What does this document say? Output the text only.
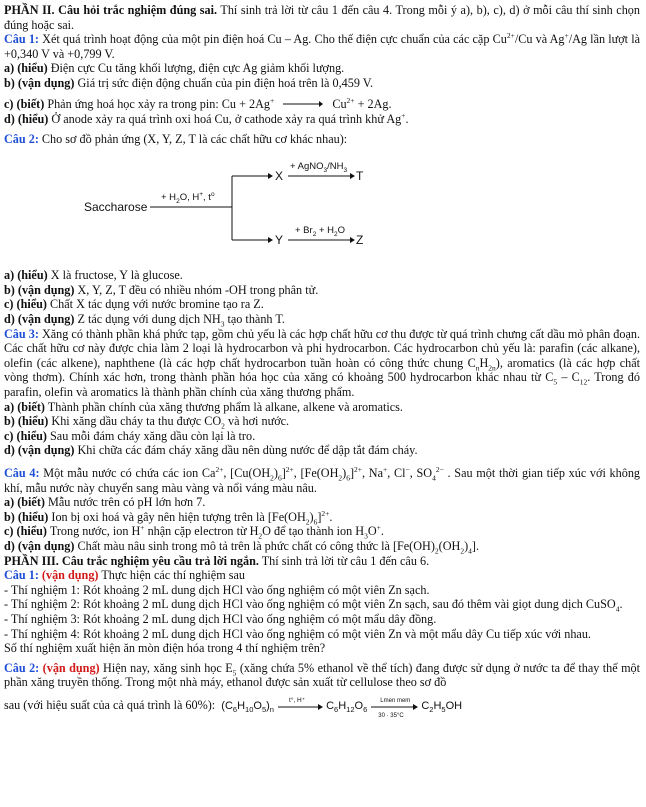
PHẦN II. Câu hỏi trắc nghiệm đúng sai. Thí sinh trả lời từ câu 1 đến câu 4. Trong mỗi ý a), b), c), d) ở mỗi câu thí sinh chọn đúng hoặc sai.

Câu 1: Xét quá trình hoạt động của một pin điện hoá Cu – Ag. Cho thế điện cực chuẩn của các cặp $Cu^{2+}/Cu$ và Ag+/Ag lần lượt là +0,340 V và +0,799 V.

a) (hiểu) Điện cực Cu tăng khối lượng, điện cực Ag giảm khối lượng.

b) (vận dụng) Giá trị sức điện động chuẩn của pin điện hoá trên là 0,459 V.

c) (biết) Phản ứng hoá học xảy ra trong pin: $Cu + 2Ag^+ \to Cu^{2+} + 2Ag$.

d) (hiểu) Ở anode xảy ra quá trình oxi hoá Cu, ở cathode xảy ra quá trình khử Ag+.

Câu 2: Cho sơ đồ phản ứng (X, Y, Z, T là các chất hữu cơ khác nhau):

Saccharose
+ $H_2O$, H+, $t^o$
X
+ $AgNO_3/NH_3$ T
Y
+ $Br_2 + H_2O$
Z

a) (hiểu) X là fructose, Y là glucose.

b) (vận dụng) X, Y, Z, T đều có nhiều nhóm -OH trong phân tử.

c) (hiểu) Chất X tác dụng với nước bromine tạo ra Z.

d) (vận dụng) Z tác dụng với dung dịch $NH_3$ tạo thành T.

Câu 3: Xăng có thành phần khá phức tạp, gồm chủ yếu là các hợp chất hữu cơ thu được từ quá trình chưng cất dầu mỏ phân đoạn. Các chất hữu cơ này được chia làm 2 loại là hydrocarbon và phi hydrocarbon. Các hydrocarbon chủ yếu là: parafin (các alkane), olefin (các alkene), naphthene (là các hợp chất hydrocarbon tuần hoàn có công thức chung $C_nH_{2n}$), aromatics (là các hợp chất vòng thơm). Chính xác hơn, trong thành phần hóa học của xăng có khoảng 500 hydrocarbon khác nhau từ $C_5 - C_{12}$. Trong đó parafin, olefin và aromatics là thành phần chính của xăng thương phẩm.

a) (biết) Thành phần chính của xăng thương phẩm là alkane, alkene và aromatics.

b) (hiểu) Khi xăng dầu cháy ta thu được $CO_2$ và hơi nước.

c) (hiểu) Sau mỗi đám cháy xăng dầu còn lại là tro.

d) (vận dụng) Khi chữa các đám cháy xăng dầu nên dùng nước để dập tắt đám cháy.

Câu 4: Một mẫu nước có chứa các ion $Ca^{2+}$, $[Cu(OH_2)_6]^{2+}$, $[Fe(OH_2)_6]^{2+}$, Na+, Cl−, $SO_4^{2-}$ . Sau một thời gian tiếp xúc với không khí, mẫu nước này chuyển sang màu vàng và nổi váng màu nâu.

a) (biết) Mẫu nước trên có pH lớn hơn 7.

b) (hiểu) Ion bị oxi hoá và gây nên hiện tượng trên là $[Fe(OH_2)_6]^{2+}$.

c) (hiểu) Trong nước, ion H+ nhận cặp electron từ $H_2O$ để tạo thành ion $H_3O^+$.

d) (vận dụng) Chất màu nâu sinh trong mô tả trên là phức chất có công thức là $[Fe(OH)_2(OH_2)_4]$.

PHẦN III. Câu trắc nghiệm yêu cầu trả lời ngắn. Thí sinh trả lời từ câu 1 đến câu 6.

Câu 1: (vận dụng) Thực hiện các thí nghiệm sau

- Thí nghiệm 1: Rót khoảng 2 mL dung dịch HCl vào ống nghiệm có một viên Zn sạch.

- Thí nghiệm 2: Rót khoảng 2 mL dung dịch HCl vào ống nghiệm có một viên Zn sạch, sau đó thêm vài giọt dung dịch CuSO$_4$.

- Thí nghiệm 3: Rót khoảng 2 mL dung dịch HCl vào ống nghiệm có một mẩu dây đồng.

- Thí nghiệm 4: Rót khoảng 2 mL dung dịch HCl vào ống nghiệm có một viên Zn và một mẩu dây Cu tiếp xúc với nhau.

Số thí nghiệm xuất hiện ăn mòn điện hóa trong 4 thí nghiệm trên?

Câu 2: (vận dụng) Hiện nay, xăng sinh học $E_5$ (xăng chứa 5% ethanol về thể tích) đang được sử dụng ở nước ta để thay thế một phần xăng truyền thống. Trong một nhà máy, ethanol được sản xuất từ cellulose theo sơ đồ

sau (với hiệu suất của cả quá trình là 60%):  $(C_6H_{10}O_5)_n$
t°, H⁺ $C_6H_{12}O_6$
Lmen mem
30 · 35°C
$C_2H_5OH$
